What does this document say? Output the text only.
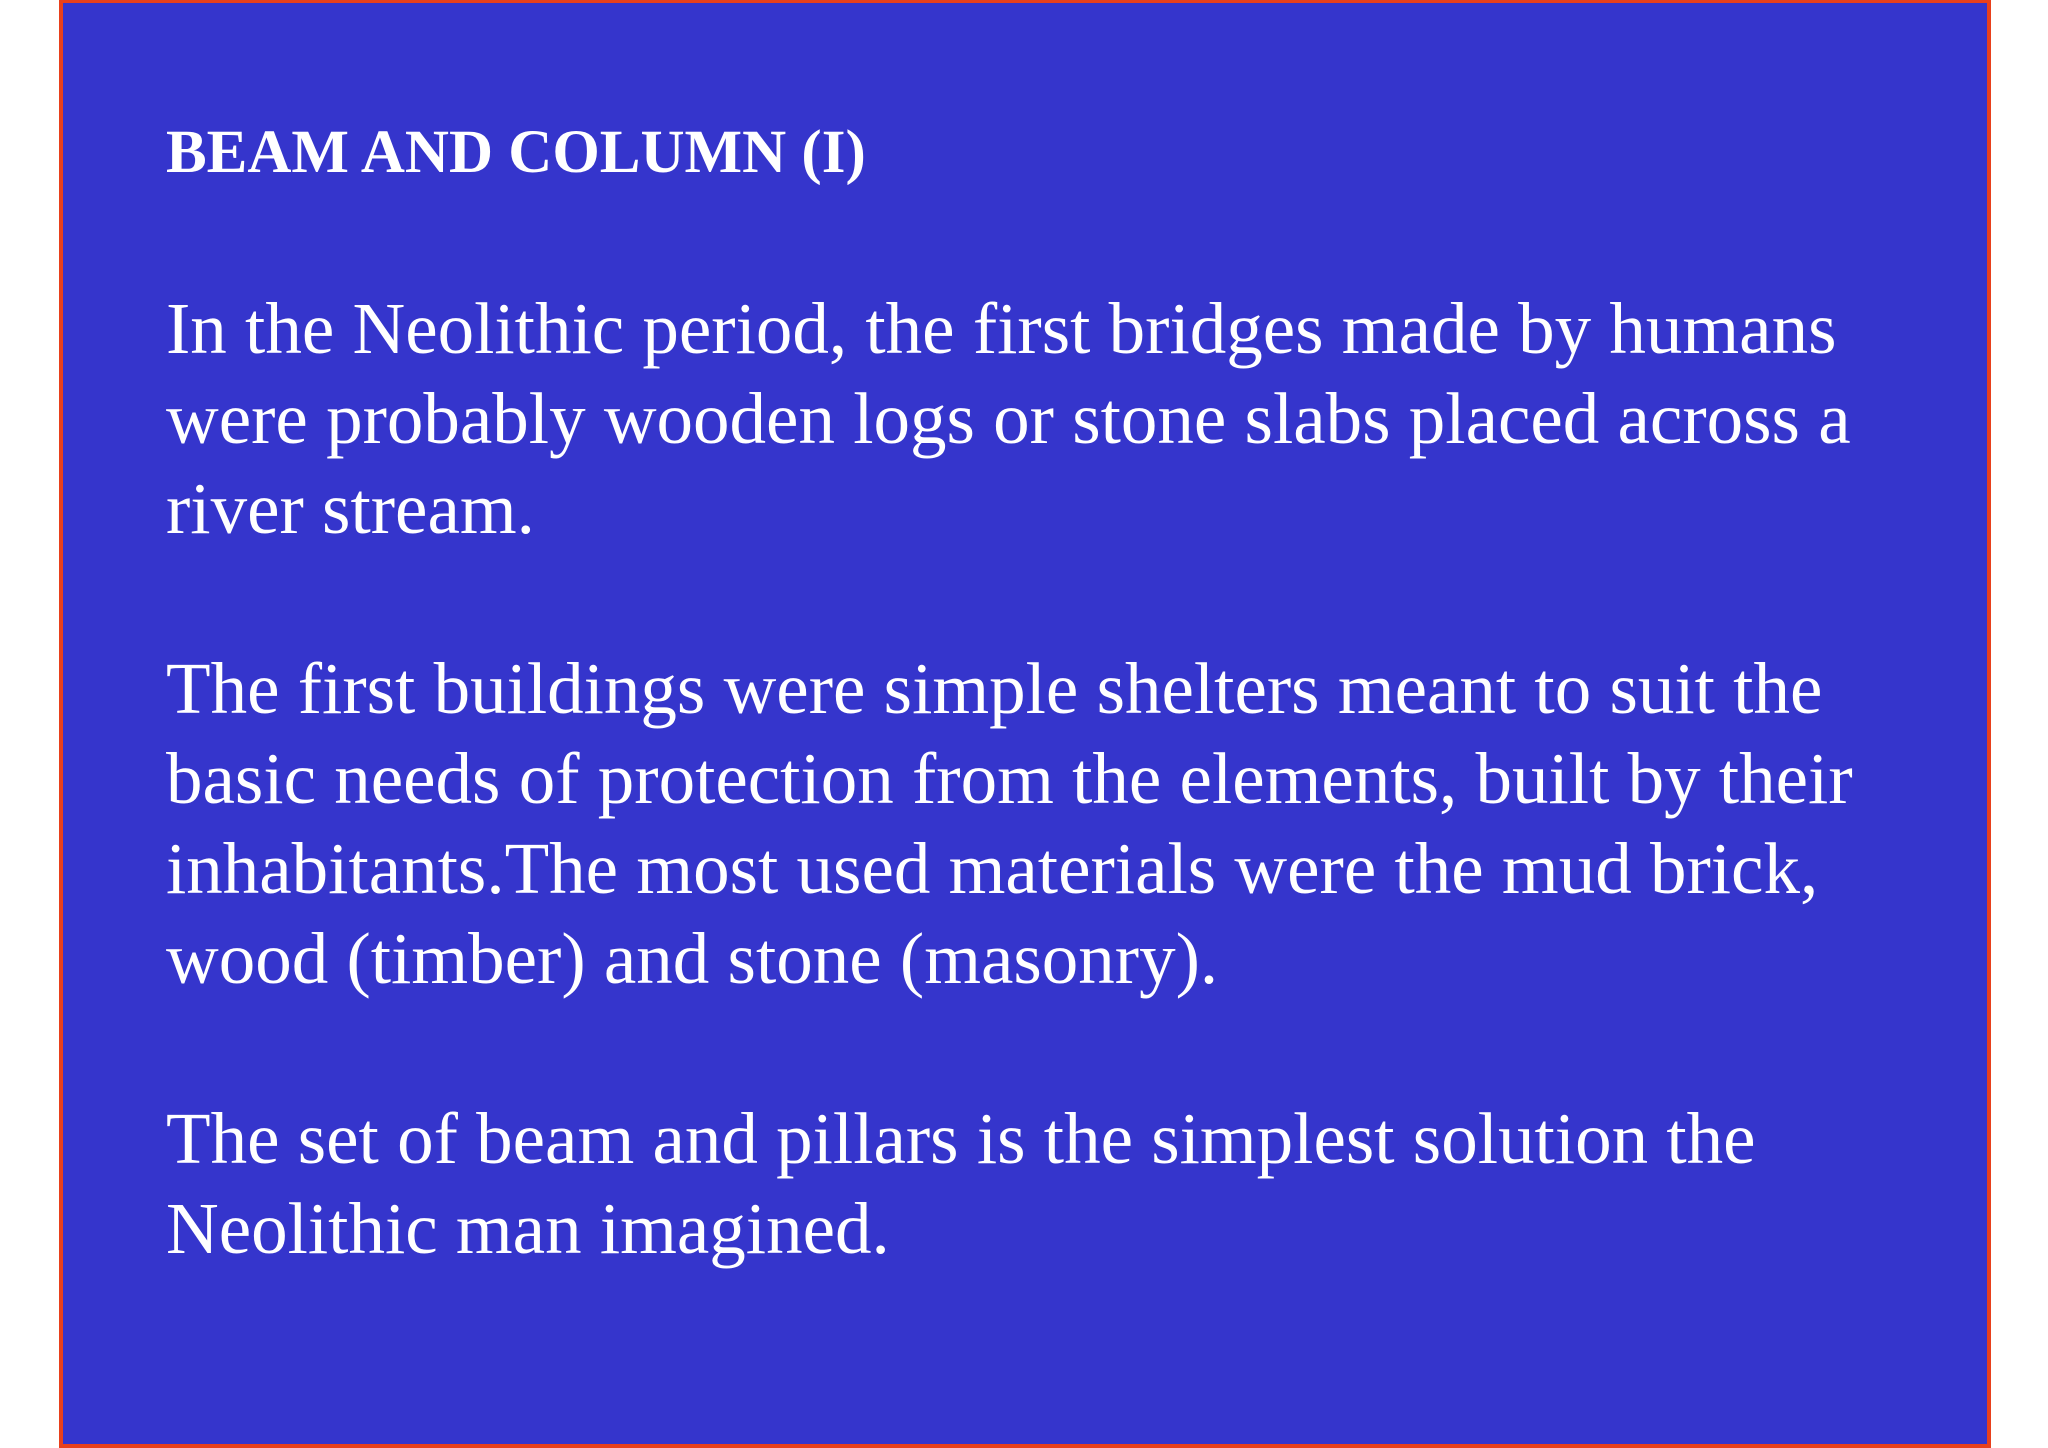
BEAM AND COLUMN (I)

In the Neolithic period, the first bridges made by humans
were probably wooden logs or stone slabs placed across a
river stream.

The first buildings were simple shelters meant to suit the
basic needs of protection from the elements, built by their
inhabitants.The most used materials were the mud brick,
wood (timber) and stone (masonry).

The set of beam and pillars is the simplest solution the
Neolithic man imagined.
